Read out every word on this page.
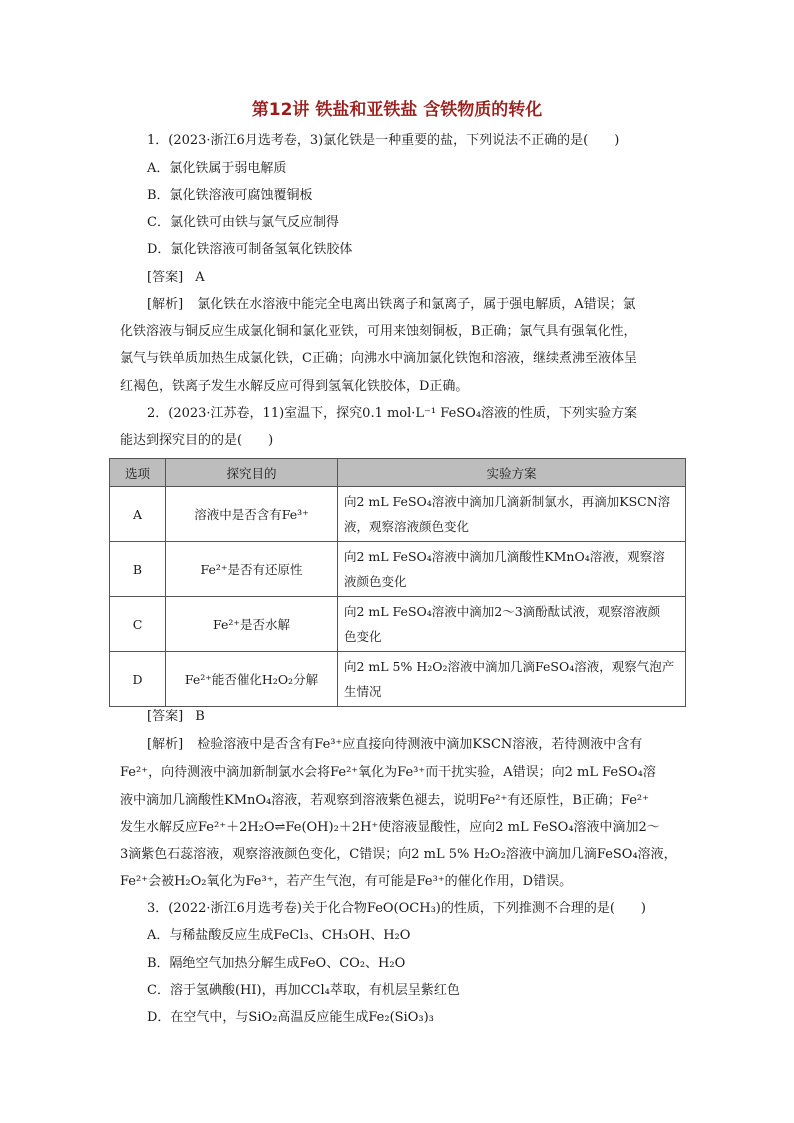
第12讲 铁盐和亚铁盐 含铁物质的转化
1．(2023·浙江6月选考卷，3)氯化铁是一种重要的盐，下列说法不正确的是(　　)
A．氯化铁属于弱电解质
B．氯化铁溶液可腐蚀覆铜板
C．氯化铁可由铁与氯气反应制得
D．氯化铁溶液可制备氢氧化铁胶体
[答案] A
[解析] 氯化铁在水溶液中能完全电离出铁离子和氯离子，属于强电解质，A错误；氯
化铁溶液与铜反应生成氯化铜和氯化亚铁，可用来蚀刻铜板，B正确；氯气具有强氧化性，
氯气与铁单质加热生成氯化铁，C正确；向沸水中滴加氯化铁饱和溶液，继续煮沸至液体呈
红褐色，铁离子发生水解反应可得到氢氧化铁胶体，D正确。
2．(2023·江苏卷，11)室温下，探究0.1 mol·L⁻¹ FeSO₄溶液的性质，下列实验方案
能达到探究目的的是(　　)
选项	探究目的	实验方案
A	溶液中是否含有Fe³⁺	向2 mL FeSO₄溶液中滴加几滴新制氯水，再滴加KSCN溶
液，观察溶液颜色变化

B	Fe²⁺是否有还原性	向2 mL FeSO₄溶液中滴加几滴酸性KMnO₄溶液，观察溶
液颜色变化

C	Fe²⁺是否水解	向2 mL FeSO₄溶液中滴加2～3滴酚酞试液，观察溶液颜
色变化

D	Fe²⁺能否催化H₂O₂分解	向2 mL 5% H₂O₂溶液中滴加几滴FeSO₄溶液，观察气泡产
生情况
[答案] B
[解析] 检验溶液中是否含有Fe³⁺应直接向待测液中滴加KSCN溶液，若待测液中含有
Fe²⁺，向待测液中滴加新制氯水会将Fe²⁺氧化为Fe³⁺而干扰实验，A错误；向2 mL FeSO₄溶
液中滴加几滴酸性KMnO₄溶液，若观察到溶液紫色褪去，说明Fe²⁺有还原性，B正确；Fe²⁺
发生水解反应Fe²⁺＋2H₂O⇌Fe(OH)₂＋2H⁺使溶液显酸性，应向2 mL FeSO₄溶液中滴加2～
3滴紫色石蕊溶液，观察溶液颜色变化，C错误；向2 mL 5% H₂O₂溶液中滴加几滴FeSO₄溶液，
Fe²⁺会被H₂O₂氧化为Fe³⁺，若产生气泡，有可能是Fe³⁺的催化作用，D错误。
3．(2022·浙江6月选考卷)关于化合物FeO(OCH₃)的性质，下列推测不合理的是(　　)
A．与稀盐酸反应生成FeCl₃、CH₃OH、H₂O
B．隔绝空气加热分解生成FeO、CO₂、H₂O
C．溶于氢碘酸(HI)，再加CCl₄萃取，有机层呈紫红色
D．在空气中，与SiO₂高温反应能生成Fe₂(SiO₃)₃
